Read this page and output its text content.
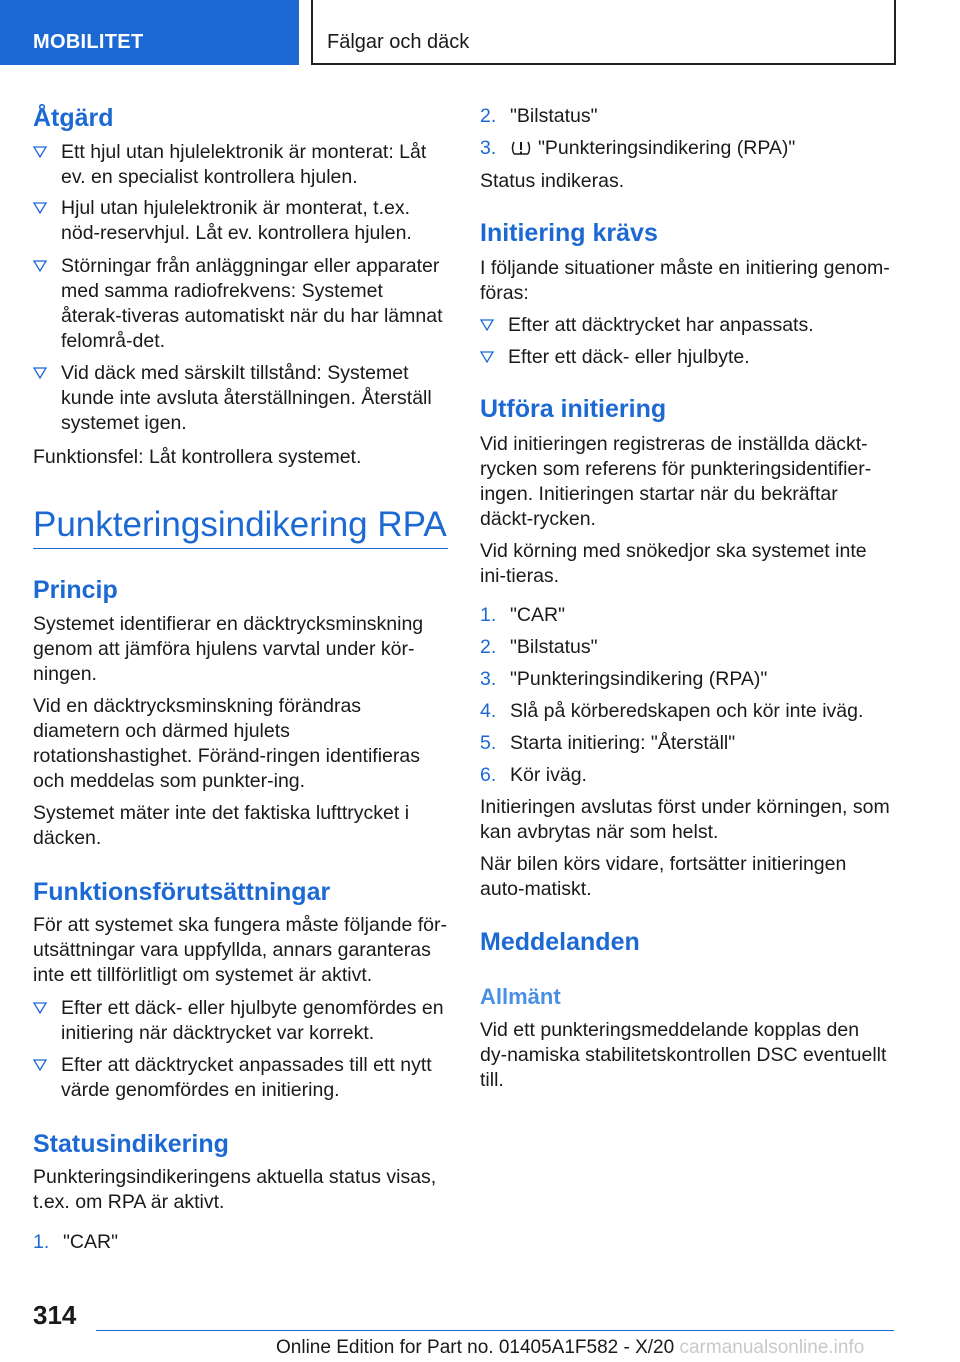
MOBILITET	Fälgar och däck
Åtgärd

Ett hjul utan hjulelektronik är monterat: Låt ev. en specialist kontrollera hjulen.

Hjul utan hjulelektronik är monterat, t.ex. nöd-reservhjul. Låt ev. kontrollera hjulen.

Störningar från anläggningar eller apparater med samma radiofrekvens: Systemet återak-tiveras automatiskt när du har lämnat felområ-det.

Vid däck med särskilt tillstånd: Systemet kunde inte avsluta återställningen. Återställ systemet igen.

Funktionsfel: Låt kontrollera systemet.

Punkteringsindikering RPA
Princip

Systemet identifierar en däcktrycksminskning genom att jämföra hjulens varvtal under kör-ningen.

Vid en däcktrycksminskning förändras diametern och därmed hjulets rotationshastighet. Föränd-ringen identifieras och meddelas som punkter-ing.

Systemet mäter inte det faktiska lufttrycket i däcken.

Funktionsförutsättningar

För att systemet ska fungera måste följande för-utsättningar vara uppfyllda, annars garanteras inte ett tillförlitligt om systemet är aktivt.

Efter ett däck- eller hjulbyte genomfördes en initiering när däcktrycket var korrekt.

Efter att däcktrycket anpassades till ett nytt värde genomfördes en initiering.

Statusindikering

Punkteringsindikeringens aktuella status visas, t.ex. om RPA är aktivt.

1. "CAR"

2. "Bilstatus"

3.	"Punkteringsindikering (RPA)"

Status indikeras.

Initiering krävs

I följande situationer måste en initiering genom-föras:

Efter att däcktrycket har anpassats.

Efter ett däck- eller hjulbyte.

Utföra initiering

Vid initieringen registreras de inställda däckt-rycken som referens för punkteringsidentifier-ingen. Initieringen startar när du bekräftar däckt-rycken.

Vid körning med snökedjor ska systemet inte ini-tieras.

1. "CAR"

2. "Bilstatus"

3. "Punkteringsindikering (RPA)"

4. Slå på körberedskapen och kör inte iväg.

5. Starta initiering: "Återställ"

6. Kör iväg.

Initieringen avslutas först under körningen, som kan avbrytas när som helst.

När bilen körs vidare, fortsätter initieringen auto-matiskt.

Meddelanden
Allmänt

Vid ett punkteringsmeddelande kopplas den dy-namiska stabilitetskontrollen DSC eventuellt till.

314
Online Edition for Part no. 01405A1F582 - X/20 carmanualsonline.info
